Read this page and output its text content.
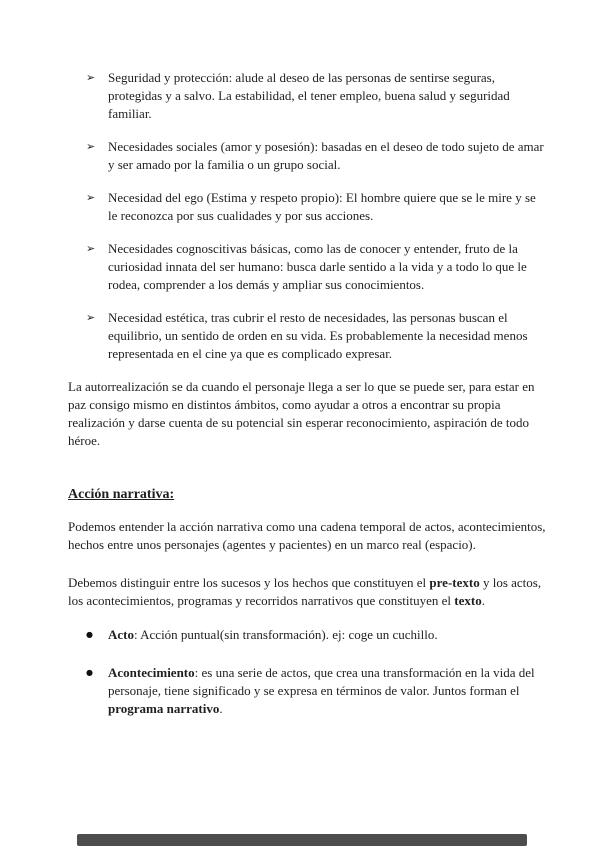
➢ Seguridad y protección: alude al deseo de las personas de sentirse seguras, protegidas y a salvo. La estabilidad, el tener empleo, buena salud y seguridad familiar.
➢ Necesidades sociales (amor y posesión): basadas en el deseo de todo sujeto de amar y ser amado por la familia o un grupo social.
➢ Necesidad del ego (Estima y respeto propio): El hombre quiere que se le mire y se le reconozca por sus cualidades y por sus acciones.
➢ Necesidades cognoscitivas básicas, como las de conocer y entender, fruto de la curiosidad innata del ser humano: busca darle sentido a la vida y a todo lo que le rodea, comprender a los demás y ampliar sus conocimientos.
➢ Necesidad estética, tras cubrir el resto de necesidades, las personas buscan el equilibrio, un sentido de orden en su vida. Es probablemente la necesidad menos representada en el cine ya que es complicado expresar.

La autorrealización se da cuando el personaje llega a ser lo que se puede ser, para estar en paz consigo mismo en distintos ámbitos, como ayudar a otros a encontrar su propia realización y darse cuenta de su potencial sin esperar reconocimiento, aspiración de todo héroe.

Acción narrativa:

Podemos entender la acción narrativa como una cadena temporal de actos, acontecimientos, hechos entre unos personajes (agentes y pacientes) en un marco real (espacio).

Debemos distinguir entre los sucesos y los hechos que constituyen el pre-texto y los actos, los acontecimientos, programas y recorridos narrativos que constituyen el texto.

●	Acto: Acción puntual(sin transformación). ej: coge un cuchillo.
●	Acontecimiento: es una serie de actos, que crea una transformación en la vida del personaje, tiene significado y se expresa en términos de valor. Juntos forman el programa narrativo.
